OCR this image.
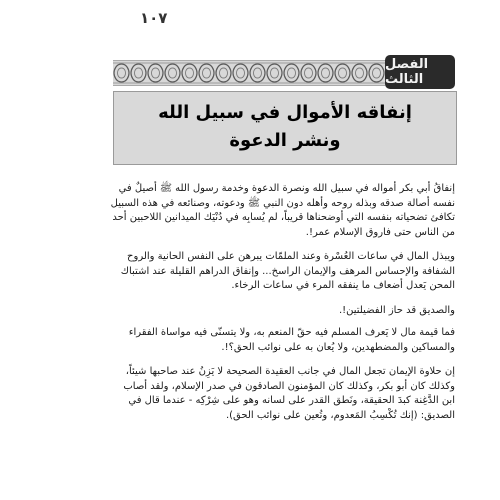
١٠٧
الفصل الثالث
إنفاقه الأموال في سبيل الله
ونشر الدعوة

إنفاقُ أبي بكر أمواله في سبيل الله ونصرة الدعوة وخدمة رسول الله ﷺ أصيلٌ في نفسه أصالة صدقه وبذله روحه وأهله دون النبي ﷺ ودعوته، وصنائعه في هذه السبيل تكافئ تضحياته بنفسه التي أوضحناها قريباً، لم يُسابِه في دُنْيَك الميدانين اللاحبين أحد من الناس حتى فاروق الإسلام عمر!.

ويبذل المال في ساعات العُسْرة وعند الملمّات يبرهن على النفس الحانية والروح الشفافة والإحساس المرهف والإيمان الراسخ... وإنفاق الدراهم القليلة عند اشتباك المحن يَعدل أضعاف ما ينفقه المرء في ساعات الرخاء.

والصديق قد حاز الفضيلتين!.

فما قيمة مال لا يَعرف المسلم فيه حقّ المنعم به، ولا يتسنّى فيه مواساة الفقراء والمساكين والمضطهدين، ولا يُعان به على نوائب الحق؟!.

إن حلاوة الإيمان تجعل المال في جانب العقيدة الصحيحة لا يَزِنُ عند صاحبها شيئاً، وكذلك كان أبو بكر، وكذلك كان المؤمنون الصادقون في صدر الإسلام، ولقد أصاب ابن الدَّغِنة كبدَ الحقيقة، ونَطق القدر على لسانه وهو على شِرْكِه - عندما قال في الصديق: (إنك تُكْسِبُ المَعدوم، وتُعين على نوائب الحق).
